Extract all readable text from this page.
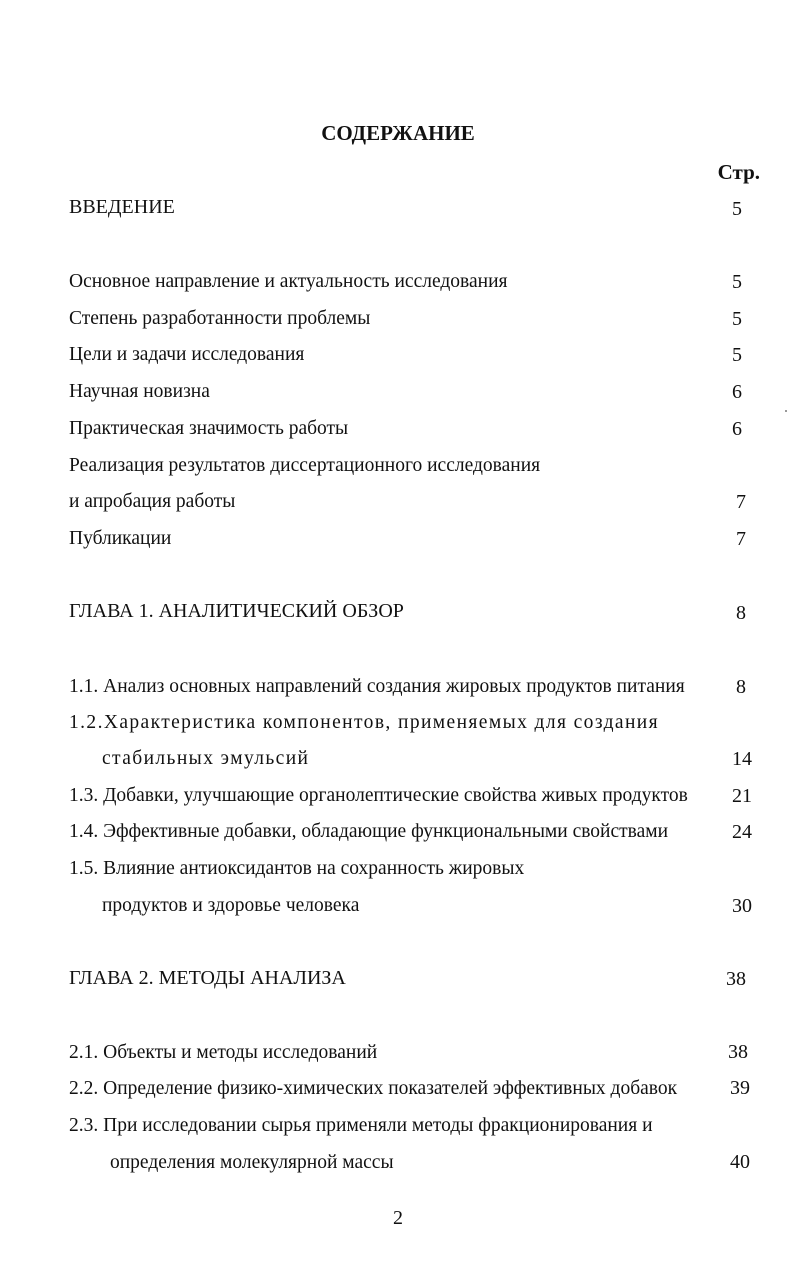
СОДЕРЖАНИЕ
Стр.
ВВЕДЕНИЕ	5
Основное направление и актуальность исследования	5
Степень разработанности проблемы	5
Цели и задачи исследования	5
Научная новизна	6
Практическая значимость работы	6
Реализация результатов диссертационного исследования
и апробация работы	7
Публикации	7
ГЛАВА 1. АНАЛИТИЧЕСКИЙ ОБЗОР	8
1.1. Анализ основных направлений создания жировых продуктов питания	8
1.2.Характеристика компонентов, применяемых для создания
стабильных эмульсий	14
1.3. Добавки, улучшающие органолептические свойства живых продуктов	21
1.4. Эффективные добавки, обладающие функциональными свойствами	24
1.5. Влияние антиоксидантов на сохранность жировых
продуктов и здоровье человека	30
ГЛАВА 2. МЕТОДЫ АНАЛИЗА	38
2.1. Объекты и методы исследований	38
2.2. Определение физико-химических показателей эффективных добавок	39
2.3. При исследовании сырья применяли методы фракционирования и
определения молекулярной массы	40
2
